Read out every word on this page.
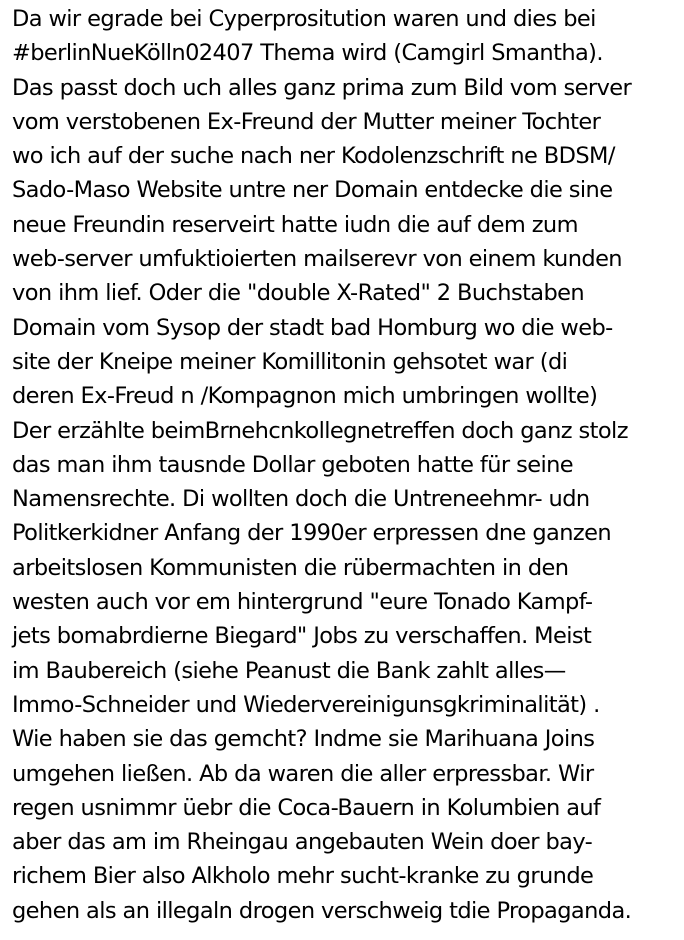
Da wir egrade bei Cyperprositution waren und dies bei
#berlinNueKölln02407 Thema wird (Camgirl Smantha).
Das passt doch uch alles ganz prima zum Bild vom server
vom verstobenen Ex-Freund der Mutter meiner Tochter
wo ich auf der suche nach ner Kodolenzschrift ne BDSM/
Sado-Maso Website untre ner Domain entdecke die sine
neue Freundin reserveirt hatte iudn die auf dem zum
web-server umfuktioierten mailserevr von einem kunden
von ihm lief. Oder die "double X-Rated" 2 Buchstaben
Domain vom Sysop der stadt bad Homburg wo die web-
site der Kneipe meiner Komillitonin gehsotet war (di
deren Ex-Freud n /Kompagnon mich umbringen wollte)
Der erzählte beimBrnehcnkollegnetreffen doch ganz stolz
das man ihm tausnde Dollar geboten hatte für seine
Namensrechte. Di wollten doch die Untreneehmr- udn
Politkerkidner Anfang der 1990er erpressen dne ganzen
arbeitslosen Kommunisten die rübermachten in den
westen auch vor em hintergrund "eure Tonado Kampf-
jets bomabrdierne Biegard" Jobs zu verschaffen. Meist
im Baubereich (siehe Peanust die Bank zahlt alles—
Immo-Schneider und Wiedervereinigunsgkriminalität) .
Wie haben sie das gemcht? Indme sie Marihuana Joins
umgehen ließen. Ab da waren die aller erpressbar. Wir
regen usnimmr üebr die Coca-Bauern in Kolumbien auf
aber das am im Rheingau angebauten Wein doer bay-
richem Bier also Alkholo mehr sucht-kranke zu grunde
gehen als an illegaln drogen verschweig tdie Propaganda.
